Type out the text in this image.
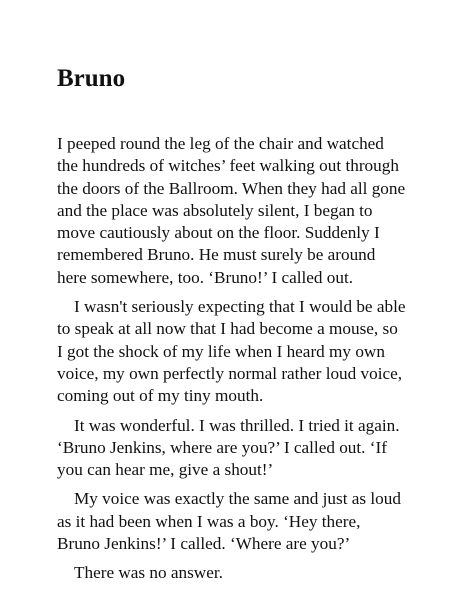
Bruno

I peeped round the leg of the chair and watched
the hundreds of witches’ feet walking out through
the doors of the Ballroom. When they had all gone
and the place was absolutely silent, I began to
move cautiously about on the floor. Suddenly I
remembered Bruno. He must surely be around
here somewhere, too. ‘Bruno!’ I called out.

I wasn't seriously expecting that I would be able
to speak at all now that I had become a mouse, so
I got the shock of my life when I heard my own
voice, my own perfectly normal rather loud voice,
coming out of my tiny mouth.

It was wonderful. I was thrilled. I tried it again.
‘Bruno Jenkins, where are you?’ I called out. ‘If
you can hear me, give a shout!’

My voice was exactly the same and just as loud
as it had been when I was a boy. ‘Hey there,
Bruno Jenkins!’ I called. ‘Where are you?’

There was no answer.
